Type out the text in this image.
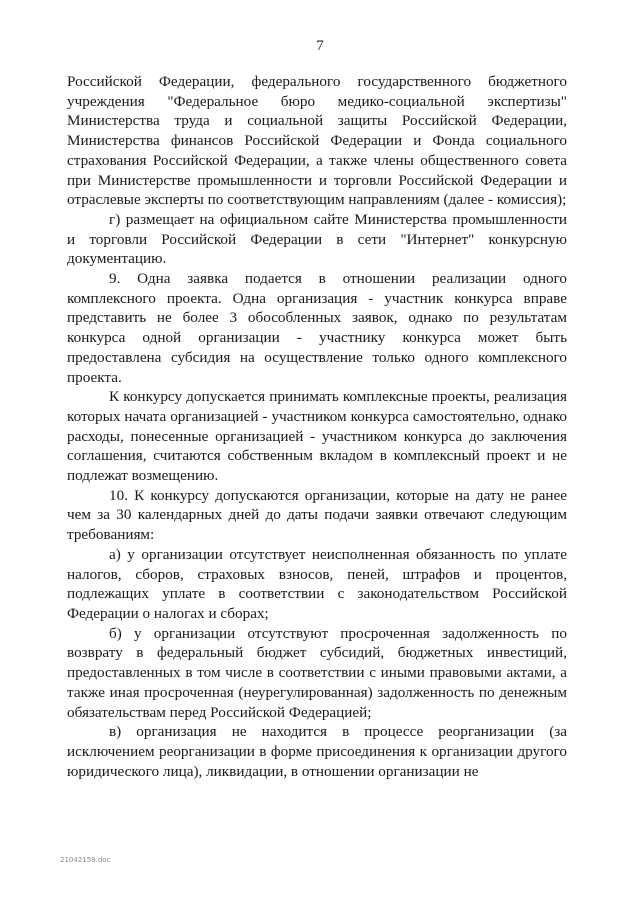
7

Российской Федерации, федерального государственного бюджетного учреждения "Федеральное бюро медико-социальной экспертизы" Министерства труда и социальной защиты Российской Федерации, Министерства финансов Российской Федерации и Фонда социального страхования Российской Федерации, а также члены общественного совета при Министерстве промышленности и торговли Российской Федерации и отраслевые эксперты по соответствующим направлениям (далее - комиссия);

г) размещает на официальном сайте Министерства промышленности и торговли Российской Федерации в сети "Интернет" конкурсную документацию.

9. Одна заявка подается в отношении реализации одного комплексного проекта. Одна организация - участник конкурса вправе представить не более 3 обособленных заявок, однако по результатам конкурса одной организации - участнику конкурса может быть предоставлена субсидия на осуществление только одного комплексного проекта.

К конкурсу допускается принимать комплексные проекты, реализация которых начата организацией - участником конкурса самостоятельно, однако расходы, понесенные организацией - участником конкурса до заключения соглашения, считаются собственным вкладом в комплексный проект и не подлежат возмещению.

10. К конкурсу допускаются организации, которые на дату не ранее чем за 30 календарных дней до даты подачи заявки отвечают следующим требованиям:

а) у организации отсутствует неисполненная обязанность по уплате налогов, сборов, страховых взносов, пеней, штрафов и процентов, подлежащих уплате в соответствии с законодательством Российской Федерации о налогах и сборах;

б) у организации отсутствуют просроченная задолженность по возврату в федеральный бюджет субсидий, бюджетных инвестиций, предоставленных в том числе в соответствии с иными правовыми актами, а также иная просроченная (неурегулированная) задолженность по денежным обязательствам перед Российской Федерацией;

в) организация не находится в процессе реорганизации (за исключением реорганизации в форме присоединения к организации другого юридического лица), ликвидации, в отношении организации не

21042159.doc
